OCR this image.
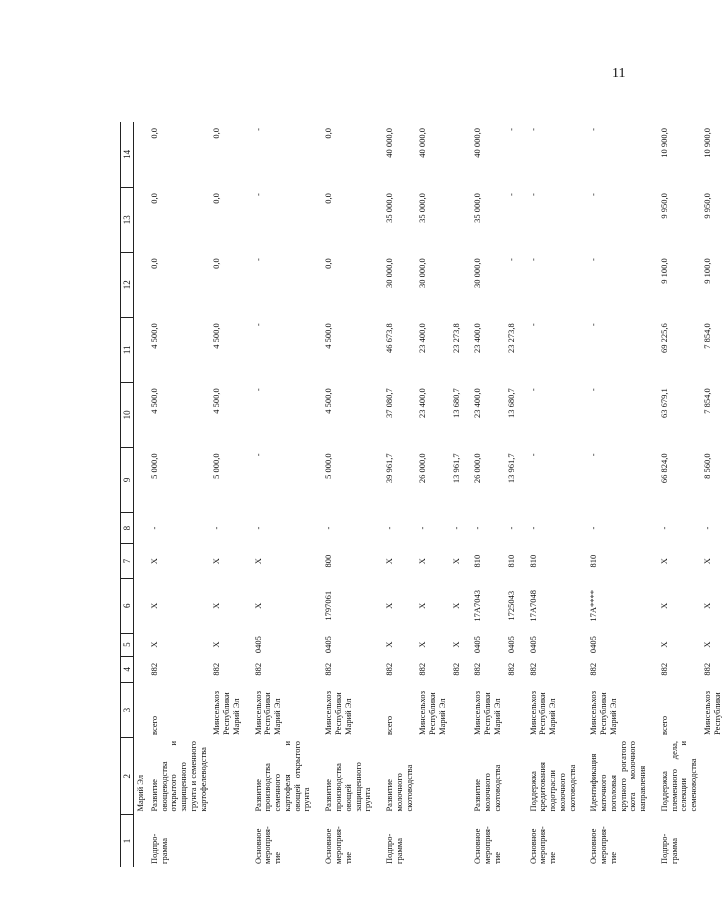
11
1	2	3	4	5	6	7	8	9	10	11	12	13	14
	Марий Эл												
Подпро-грамма	Развитие овощеводства открытого и защищенного грунта и семенного картофелеводства	всего	882	X	X	X	-	5 000,0	4 500,0	4 500,0	0,0	0,0	0,0
		Минсельхоз Республики Марий Эл	882	X	X	X	-	5 000,0	4 500,0	4 500,0	0,0	0,0	0,0

Основное мероприя-тие	Развитие производства семенного картофеля и овощей открытого грунта	Минсельхоз Республики Марий Эл	882	0405	X	X	-	-	-	-	-	-	-

Основное мероприя-тие	Развитие производства овощей защищенного грунта	Минсельхоз Республики Марий Эл	882	0405	1797061	800	-	5 000,0	4 500,0	4 500,0	0,0	0,0	0,0

Подпро-грамма	Развитие молочного скотоводства	всего	882	X	X	X	-	39 961,7	37 080,7	46 673,8	30 000,0	35 000,0	40 000,0
		Минсельхоз Республики Марий Эл	882	X	X	X	-	26 000,0	23 400,0	23 400,0	30 000,0	35 000,0	40 000,0
			882	X	X	X	-	13 961,7	13 680,7	23 273,8			

Основное мероприя-тие	Развитие молочного скотоводства	Минсельхоз Республики Марий Эл	882	0405	17А7043	810	-	26 000,0	23 400,0	23 400,0	30 000,0	35 000,0	40 000,0
			882	0405	1725043	810	-	13 961,7	13 680,7	23 273,8	-	-	-

Основное мероприя-тие	Поддержка кредитования подотрасли молочного скотоводства	Минсельхоз Республики Марий Эл	882	0405	17А7048	810	-	-	-	-	-	-	-

Основное мероприя-тие	Идентификация маточного поголовья крупного рогатого скота молочного направления	Минсельхоз Республики Марий Эл	882	0405	17А****	810	-	-	-	-	-	-	-

Подпро-грамма	Поддержка племенного дела, селекции и семеноводства	всего	882	X	X	X	-	66 824,0	63 679,1	69 225,6	9 100,0	9 950,0	10 900,0
		Минсельхоз Республики	882	X	X	X	-	8 560,0	7 854,0	7 854,0	9 100,0	9 950,0	10 900,0
